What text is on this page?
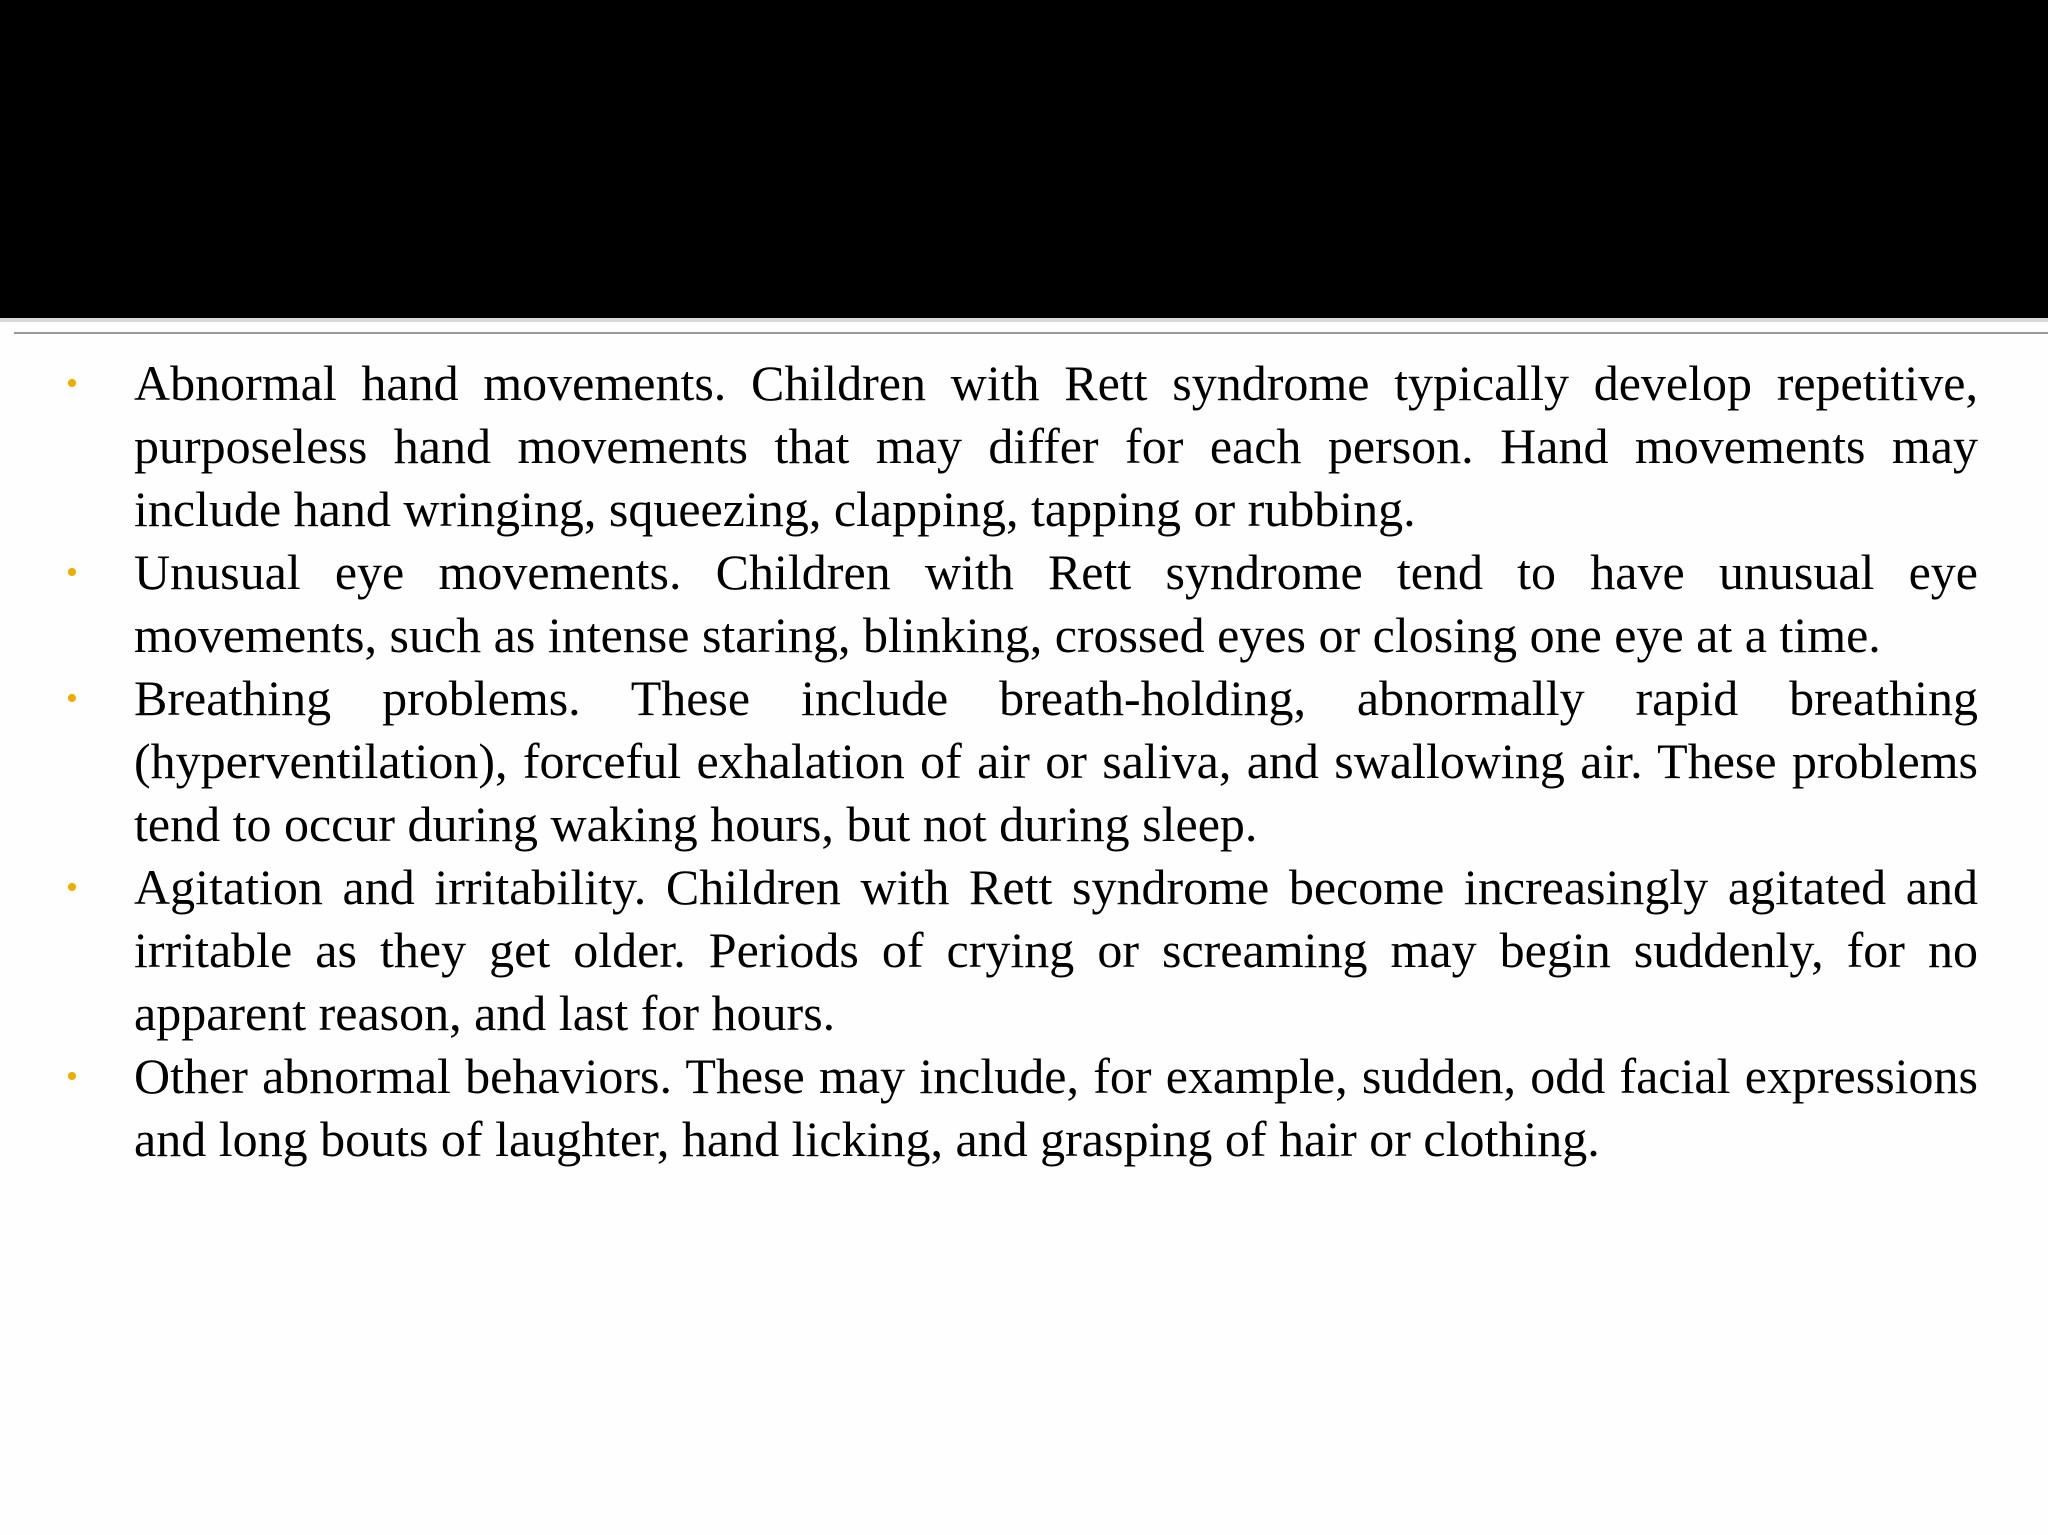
• Abnormal hand movements. Children with Rett syndrome typically develop repetitive, purposeless hand movements that may differ for each person. Hand movements may include hand wringing, squeezing, clapping, tapping or rubbing.
• Unusual eye movements. Children with Rett syndrome tend to have unusual eye movements, such as intense staring, blinking, crossed eyes or closing one eye at a time.
• Breathing problems. These include breath-holding, abnormally rapid breathing (hyperventilation), forceful exhalation of air or saliva, and swallowing air. These problems tend to occur during waking hours, but not during sleep.
• Agitation and irritability. Children with Rett syndrome become increasingly agitated and irritable as they get older. Periods of crying or screaming may begin suddenly, for no apparent reason, and last for hours.
• Other abnormal behaviors. These may include, for example, sudden, odd facial expressions and long bouts of laughter, hand licking, and grasping of hair or clothing.
